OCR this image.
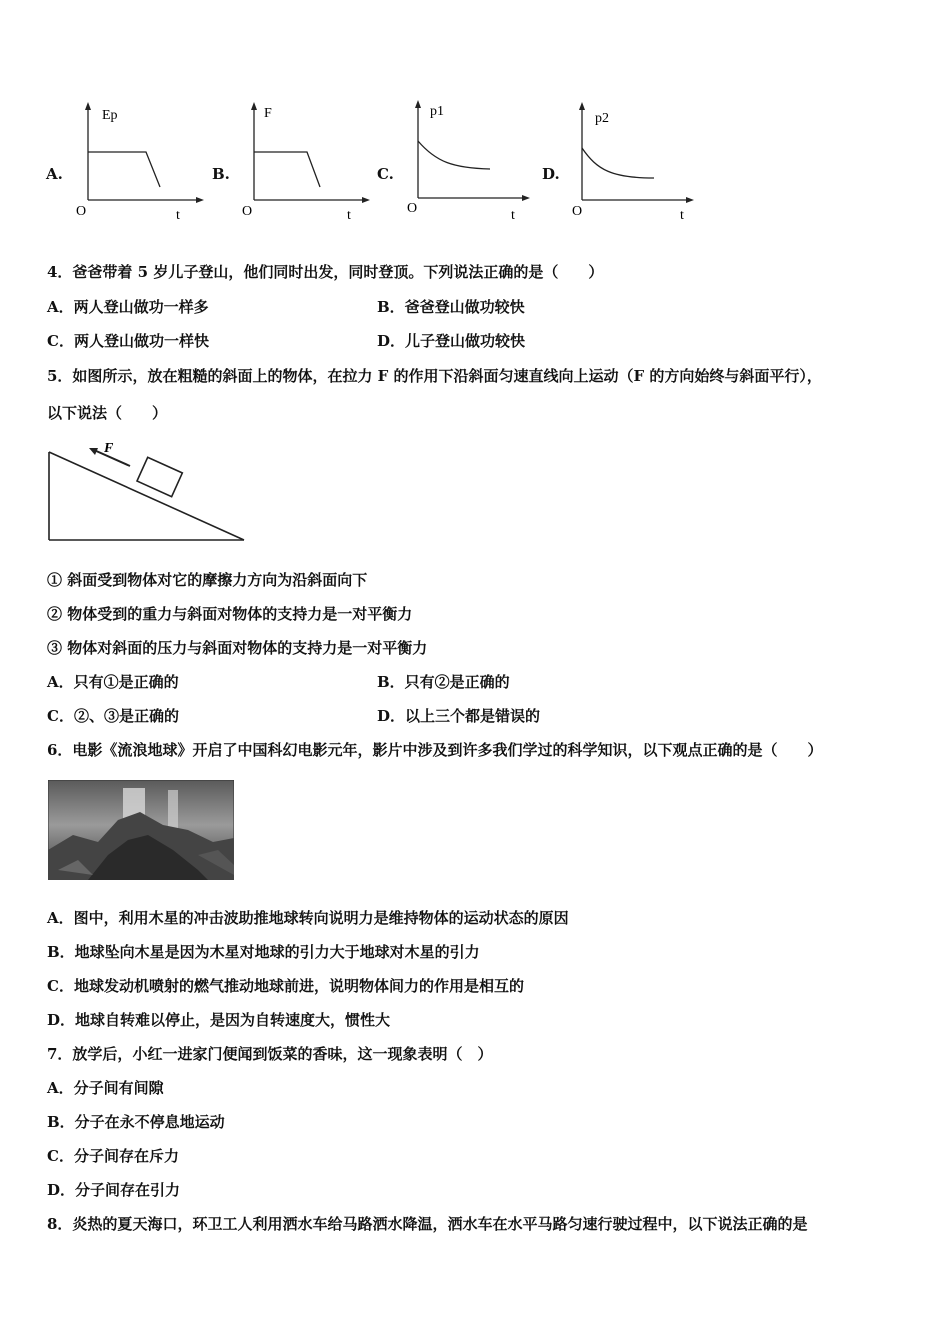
A.
Ep
O	t
B.
F
O	t
C.
p1
O	t
D.
p2
O	t
4．爸爸带着 5 岁儿子登山，他们同时出发，同时登顶。下列说法正确的是（　　）
A．两人登山做功一样多	B．爸爸登山做功较快
C．两人登山做功一样快	D．儿子登山做功较快
5．如图所示，放在粗糙的斜面上的物体，在拉力 F 的作用下沿斜面匀速直线向上运动（F 的方向始终与斜面平行），
以下说法（　　）
F
① 斜面受到物体对它的摩擦力方向为沿斜面向下
② 物体受到的重力与斜面对物体的支持力是一对平衡力
③ 物体对斜面的压力与斜面对物体的支持力是一对平衡力
A．只有①是正确的	B．只有②是正确的
C．②、③是正确的	D．以上三个都是错误的
6．电影《流浪地球》开启了中国科幻电影元年，影片中涉及到许多我们学过的科学知识，以下观点正确的是（　　）
A．图中，利用木星的冲击波助推地球转向说明力是维持物体的运动状态的原因
B．地球坠向木星是因为木星对地球的引力大于地球对木星的引力
C．地球发动机喷射的燃气推动地球前进，说明物体间力的作用是相互的
D．地球自转难以停止，是因为自转速度大，惯性大
7．放学后，小红一进家门便闻到饭菜的香味，这一现象表明（　）
A．分子间有间隙
B．分子在永不停息地运动
C．分子间存在斥力
D．分子间存在引力
8．炎热的夏天海口，环卫工人利用洒水车给马路洒水降温，洒水车在水平马路匀速行驶过程中，以下说法正确的是
